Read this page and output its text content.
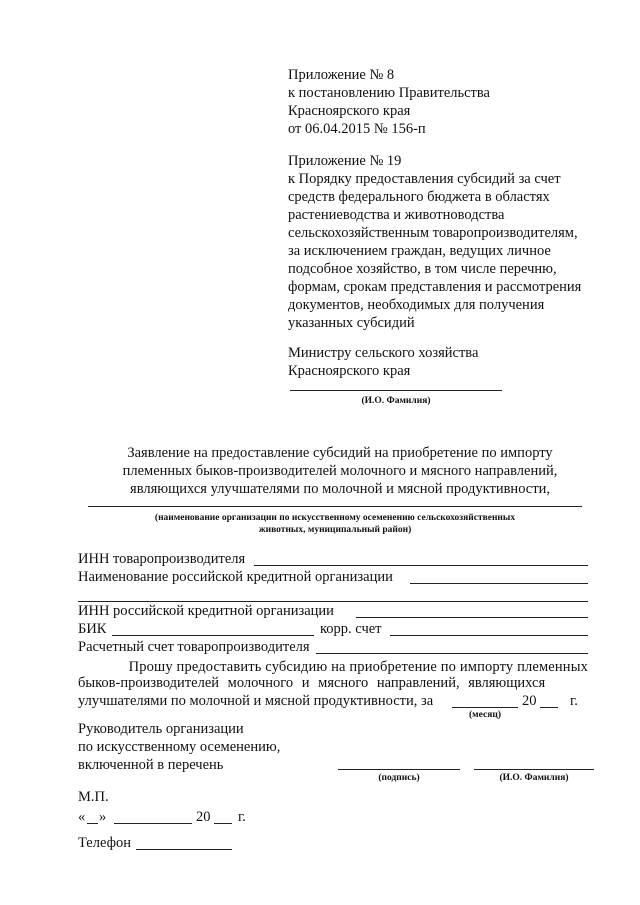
Приложение № 8

к постановлению Правительства

Красноярского края

от 06.04.2015 № 156-п

Приложение № 19

к Порядку предоставления субсидий за счет

средств федерального бюджета в областях

растениеводства и животноводства

сельскохозяйственным товаропроизводителям,

за исключением граждан, ведущих личное

подсобное хозяйство, в том числе перечню,

формам, срокам представления и рассмотрения

документов, необходимых для получения

указанных субсидий

Министру сельского хозяйства

Красноярского края

(И.О. Фамилия)

Заявление на предоставление субсидий на приобретение по импорту

племенных быков-производителей молочного и мясного направлений,

являющихся улучшателями по молочной и мясной продуктивности,

(наименование организации по искусственному осеменению сельскохозяйственных
животных, муниципальный район)
ИНН товаропроизводителя
Наименование российской кредитной организации
ИНН российской кредитной организации
БИК	корр. счет
Расчетный счет товаропроизводителя
Прошу предоставить субсидию на приобретение по импорту племенных
быков-производителей молочного и мясного направлений, являющихся
улучшателями по молочной и мясной продуктивности, за	20 г.
(месяц)

Руководитель организации

по искусственному осеменению,

включенной в перечень

(подпись)	(И.О. Фамилия)
М.П.
« »	20 г.
Телефон
